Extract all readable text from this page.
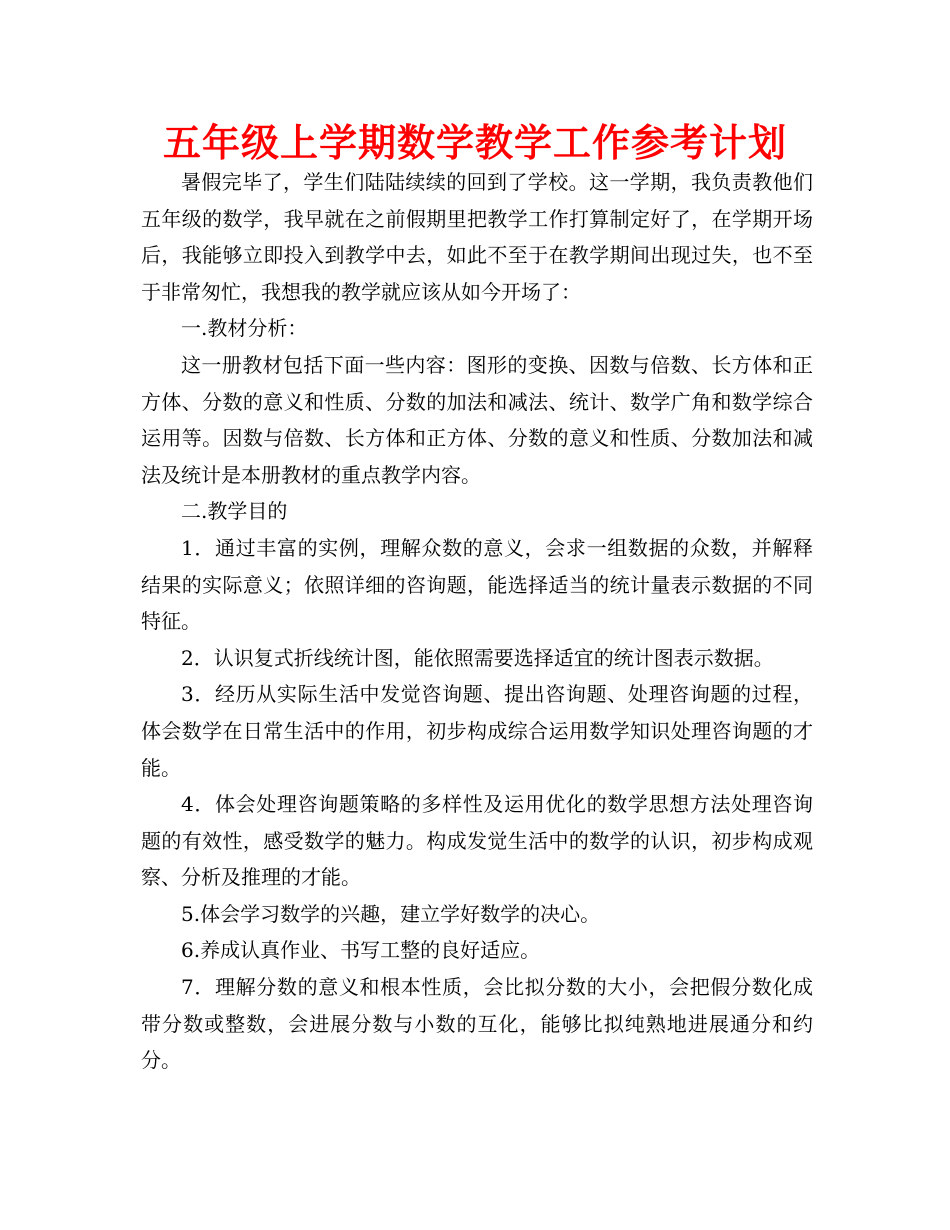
五年级上学期数学教学工作参考计划

暑假完毕了，学生们陆陆续续的回到了学校。这一学期，我负责教他们五年级的数学，我早就在之前假期里把教学工作打算制定好了，在学期开场后，我能够立即投入到教学中去，如此不至于在教学期间出现过失，也不至于非常匆忙，我想我的教学就应该从如今开场了：

一.教材分析：

这一册教材包括下面一些内容：图形的变换、因数与倍数、长方体和正方体、分数的意义和性质、分数的加法和减法、统计、数学广角和数学综合运用等。因数与倍数、长方体和正方体、分数的意义和性质、分数加法和减法及统计是本册教材的重点教学内容。

二.教学目的

1．通过丰富的实例，理解众数的意义，会求一组数据的众数，并解释结果的实际意义；依照详细的咨询题，能选择适当的统计量表示数据的不同特征。

2．认识复式折线统计图，能依照需要选择适宜的统计图表示数据。

3．经历从实际生活中发觉咨询题、提出咨询题、处理咨询题的过程，体会数学在日常生活中的作用，初步构成综合运用数学知识处理咨询题的才能。

4．体会处理咨询题策略的多样性及运用优化的数学思想方法处理咨询题的有效性，感受数学的魅力。构成发觉生活中的数学的认识，初步构成观察、分析及推理的才能。

5.体会学习数学的兴趣，建立学好数学的决心。

6.养成认真作业、书写工整的良好适应。

7．理解分数的意义和根本性质，会比拟分数的大小，会把假分数化成带分数或整数，会进展分数与小数的互化，能够比拟纯熟地进展通分和约分。
